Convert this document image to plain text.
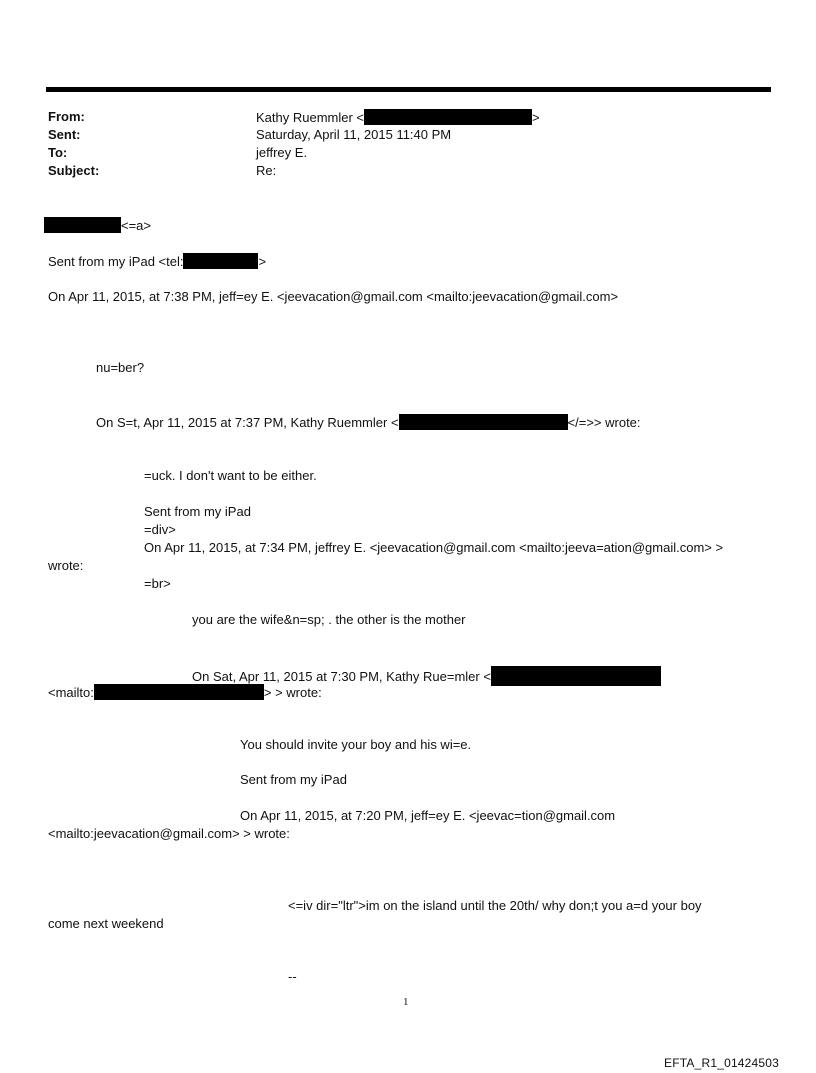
From:	Kathy Ruemmler <	>
Sent:	Saturday, April 11, 2015 11:40 PM
To:	jeffrey E.
Subject:	Re:
<=a>
Sent from my iPad <tel:	>
On Apr 11, 2015, at 7:38 PM, jeff=ey E. <jeevacation@gmail.com <mailto:jeevacation@gmail.com>
nu=ber?
On S=t, Apr 11, 2015 at 7:37 PM, Kathy Ruemmler <	</=>> wrote:
=uck. I don't want to be either.
Sent from my iPad
=div>
On Apr 11, 2015, at 7:34 PM, jeffrey E. <jeevacation@gmail.com <mailto:jeeva=ation@gmail.com> >
wrote:
=br>
you are the wife&n=sp; . the other is the mother
On Sat, Apr 11, 2015 at 7:30 PM, Kathy Rue=mler <
<mailto:	> > wrote:
You should invite your boy and his wi=e.
Sent from my iPad
On Apr 11, 2015, at 7:20 PM, jeff=ey E. <jeevac=tion@gmail.com
<mailto:jeevacation@gmail.com> > wrote:
<=iv dir="ltr">im on the island until the 20th/ why don;t you a=d your boy
come next weekend
--
1
EFTA_R1_01424503
